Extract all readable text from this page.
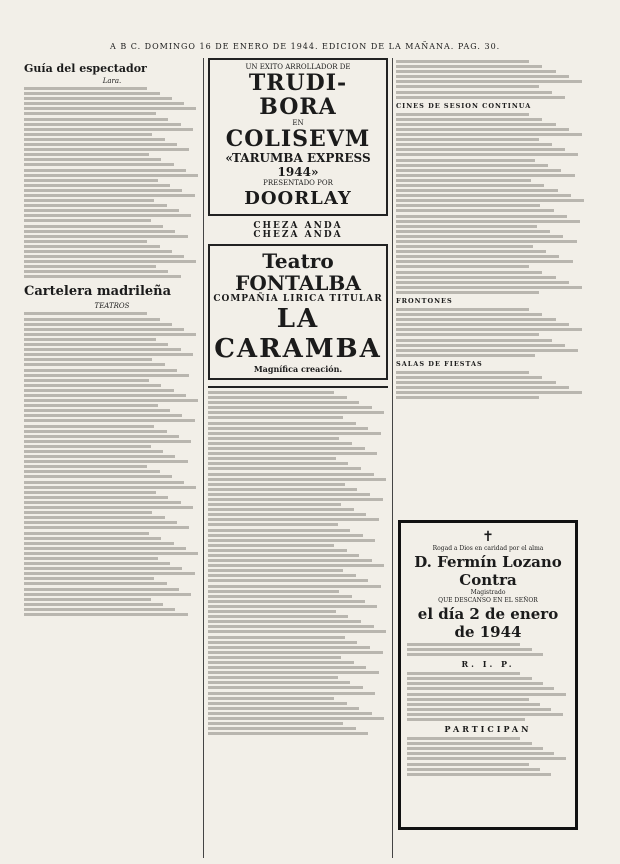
A B C. DOMINGO 16 DE ENERO DE 1944. EDICION DE LA MAÑANA. PAG. 30.
Guía del espectador
Lara.
Cartelera madrileña
TEATROS
UN EXITO ARROLLADOR DE
TRUDI-BORA
EN
COLISEVM
«TARUMBA EXPRESS 1944»
PRESENTADO POR
DOORLAY
CHEZA ANDA
CHEZA ANDA
Teatro FONTALBA
COMPAÑIA LIRICA TITULAR
LA CARAMBA
Magnífica creación.
CINES DE SESION CONTINUA
FRONTONES
SALAS DE FIESTAS
✝
Rogad a Dios en caridad por el alma
D. Fermín Lozano Contra
Magistrado
QUE DESCANSO EN EL SEÑOR
el día 2 de enero de 1944
R. I. P.
PARTICIPAN
